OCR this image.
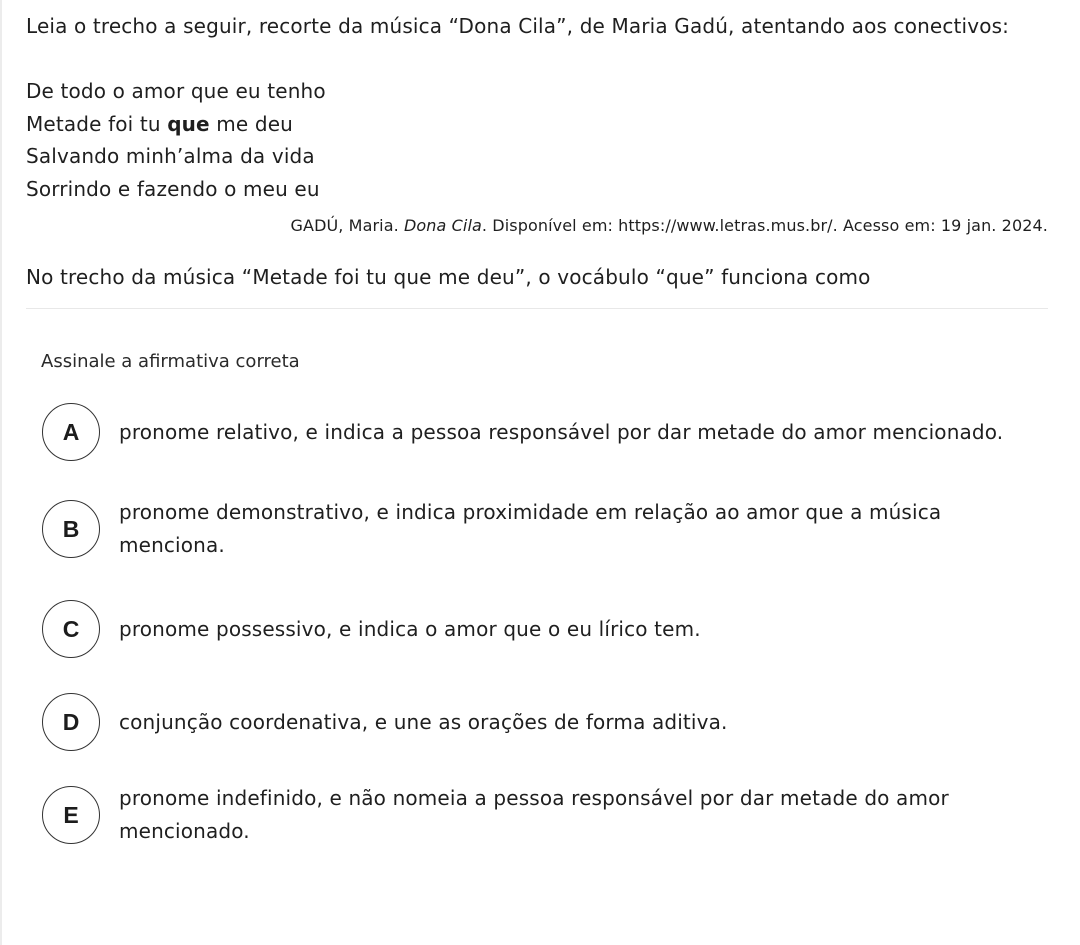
Leia o trecho a seguir, recorte da música “Dona Cila”, de Maria Gadú, atentando aos conectivos:

De todo o amor que eu tenho
Metade foi tu que me deu
Salvando minh’alma da vida
Sorrindo e fazendo o meu eu
GADÚ, Maria. Dona Cila. Disponível em: https://www.letras.mus.br/. Acesso em: 19 jan. 2024.
No trecho da música “Metade foi tu que me deu”, o vocábulo “que” funciona como
Assinale a afirmativa correta
A	pronome relativo, e indica a pessoa responsável por dar metade do amor mencionado.
B
pronome demonstrativo, e indica proximidade em relação ao amor que a música menciona.
C	pronome possessivo, e indica o amor que o eu lírico tem.
D	conjunção coordenativa, e une as orações de forma aditiva.
E
pronome indefinido, e não nomeia a pessoa responsável por dar metade do amor mencionado.
